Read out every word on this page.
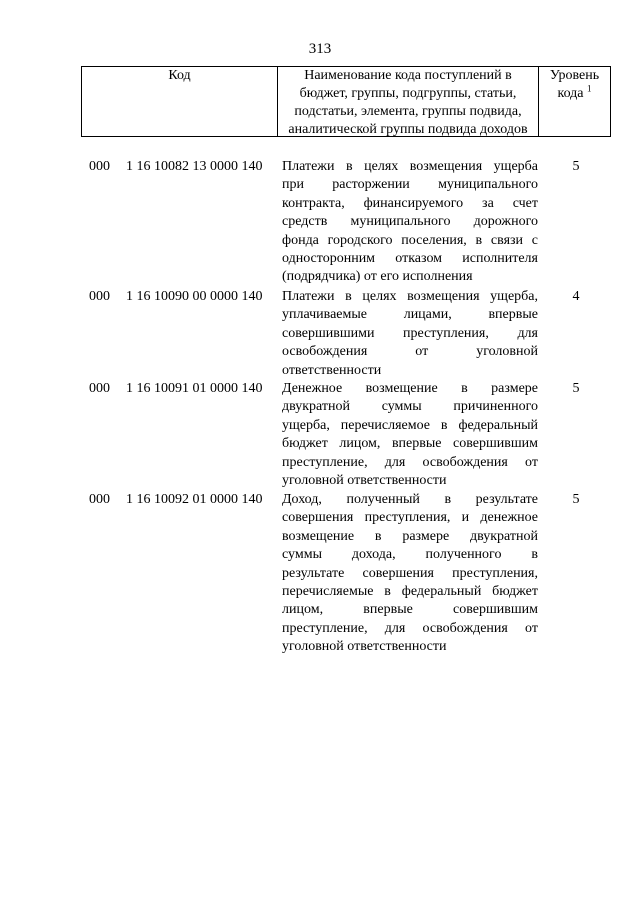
313
Код	Наименование кода поступлений в
бюджет, группы, подгруппы, статьи,
подстатьи, элемента, группы подвида,
аналитической группы подвида доходов
Уровень
кода $^1$
000 1 16 10082 13 0000 140 Платежи в целях возмещения ущерба
при расторжении муниципального
контракта, финансируемого за счет
средств муниципального дорожного
фонда городского поселения, в связи с
односторонним отказом исполнителя
(подрядчика) от его исполнения
5
000 1 16 10090 00 0000 140 Платежи в целях возмещения ущерба,
уплачиваемые лицами, впервые
совершившими преступления, для
освобождения от уголовной
ответственности
4
000 1 16 10091 01 0000 140 Денежное возмещение в размере
двукратной суммы причиненного
ущерба, перечисляемое в федеральный
бюджет лицом, впервые совершившим
преступление, для освобождения от
уголовной ответственности
5
000 1 16 10092 01 0000 140 Доход, полученный в результате
совершения преступления, и денежное
возмещение в размере двукратной
суммы дохода, полученного в
результате совершения преступления,
перечисляемые в федеральный бюджет
лицом, впервые совершившим
преступление, для освобождения от
уголовной ответственности
5
